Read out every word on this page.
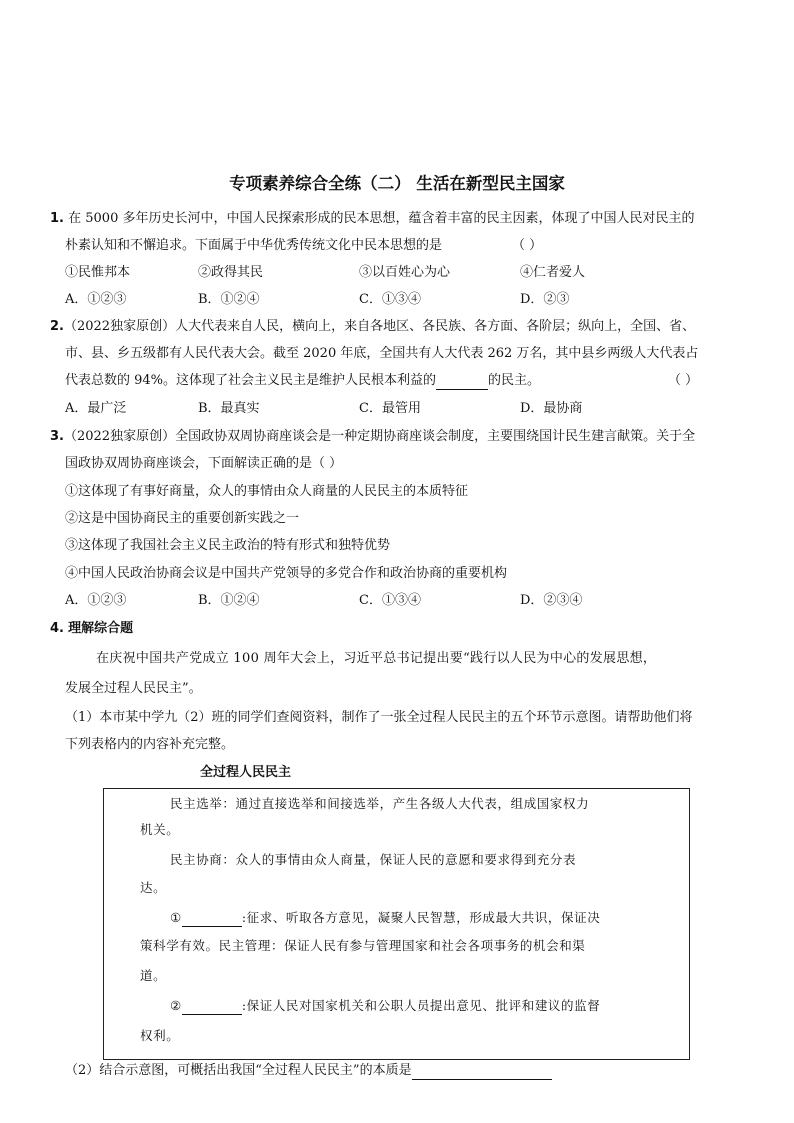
专项素养综合全练（二） 生活在新型民主国家
1. 在 5000 多年历史长河中，中国人民探索形成的民本思想，蕴含着丰富的民主因素，体现了中国人民对民主的
朴素认知和不懈追求。下面属于中华优秀传统文化中民本思想的是	（ ）
①民惟邦本	②政得其民	③以百姓心为心	④仁者爱人
A．①②③	B．①②④	C．①③④	D．②③
2.（2022独家原创）人大代表来自人民，横向上，来自各地区、各民族、各方面、各阶层；纵向上，全国、省、
市、县、乡五级都有人民代表大会。截至 2020 年底，全国共有人大代表 262 万名，其中县乡两级人大代表占
代表总数的 94%。这体现了社会主义民主是维护人民根本利益的	的民主。	（ ）
A．最广泛	B．最真实	C．最管用	D．最协商
3.（2022独家原创）全国政协双周协商座谈会是一种定期协商座谈会制度，主要围绕国计民生建言献策。关于全
国政协双周协商座谈会，下面解读正确的是（ ）
①这体现了有事好商量，众人的事情由众人商量的人民民主的本质特征
②这是中国协商民主的重要创新实践之一
③这体现了我国社会主义民主政治的特有形式和独特优势
④中国人民政治协商会议是中国共产党领导的多党合作和政治协商的重要机构
A．①②③	B．①②④	C．①③④	D．②③④
4. 理解综合题
在庆祝中国共产党成立 100 周年大会上，习近平总书记提出要“践行以人民为中心的发展思想，
发展全过程人民民主”。
（1）本市某中学九（2）班的同学们查阅资料，制作了一张全过程人民民主的五个环节示意图。请帮助他们将
下列表格内的内容补充完整。
全过程人民民主
民主选举：通过直接选举和间接选举，产生各级人大代表，组成国家权力
机关。
民主协商：众人的事情由众人商量，保证人民的意愿和要求得到充分表
达。
①	:征求、听取各方意见，凝聚人民智慧，形成最大共识，保证决
策科学有效。民主管理：保证人民有参与管理国家和社会各项事务的机会和渠
道。
②	:保证人民对国家机关和公职人员提出意见、批评和建议的监督
权利。
（2）结合示意图，可概括出我国“全过程人民民主”的本质是
